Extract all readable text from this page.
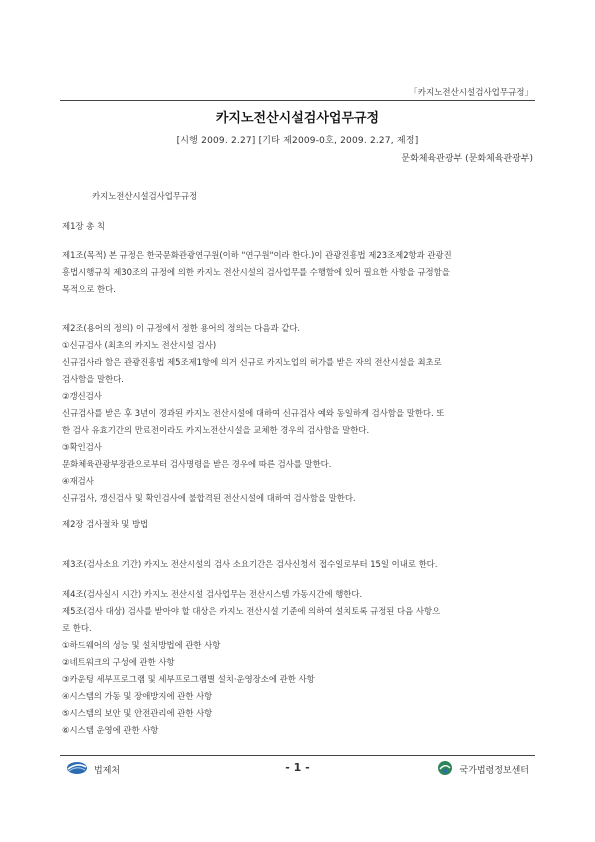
「카지노전산시설검사업무규정」
카지노전산시설검사업무규정
[시행 2009. 2.27] [기타 제2009-0호, 2009. 2.27, 제정]
문화체육관광부 (문화체육관광부)
카지노전산시설검사업무규정
제1장 총 칙
제1조(목적) 본 규정은 한국문화관광연구원(이하 "연구원"이라 한다.)이 관광진흥법 제23조제2항과 관광진
흥법시행규칙 제30조의 규정에 의한 카지노 전산시설의 검사업무를 수행함에 있어 필요한 사항을 규정함을
목적으로 한다.
제2조(용어의 정의) 이 규정에서 정한 용어의 정의는 다음과 같다.
①신규검사 (최초의 카지노 전산시설 검사)
신규검사라 함은 관광진흥법 제5조제1항에 의거 신규로 카지노업의 허가를 받은 자의 전산시설을 최초로
검사함을 말한다.
②갱신검사
신규검사를 받은 후 3년이 경과된 카지노 전산시설에 대하여 신규검사 예와 동일하게 검사함을 말한다. 또
한 검사 유효기간의 만료전이라도 카지노전산시설을 교체한 경우의 검사함을 말한다.
③확인검사
문화체육관광부장관으로부터 검사명령을 받은 경우에 따른 검사를 말한다.
④재검사
신규검사, 갱신검사 및 확인검사에 불합격된 전산시설에 대하여 검사함을 말한다.
제2장 검사절차 및 방법
제3조(검사소요 기간) 카지노 전산시설의 검사 소요기간은 검사신청서 접수일로부터 15일 이내로 한다.
제4조(검사실시 시간) 카지노 전산시설 검사업무는 전산시스템 가동시간에 행한다.
제5조(검사 대상) 검사를 받아야 할 대상은 카지노 전산시설 기준에 의하여 설치토록 규정된 다음 사항으
로 한다.
①하드웨어의 성능 및 설치방법에 관한 사항
②네트워크의 구성에 관한 사항
③카운팅 세부프로그램 및 세부프로그램별 설치·운영장소에 관한 사항
④시스템의 가동 및 장애방지에 관한 사항
⑤시스템의 보안 및 안전관리에 관한 사항
⑥시스템 운영에 관한 사항
법제처	- 1 -	국가법령정보센터
